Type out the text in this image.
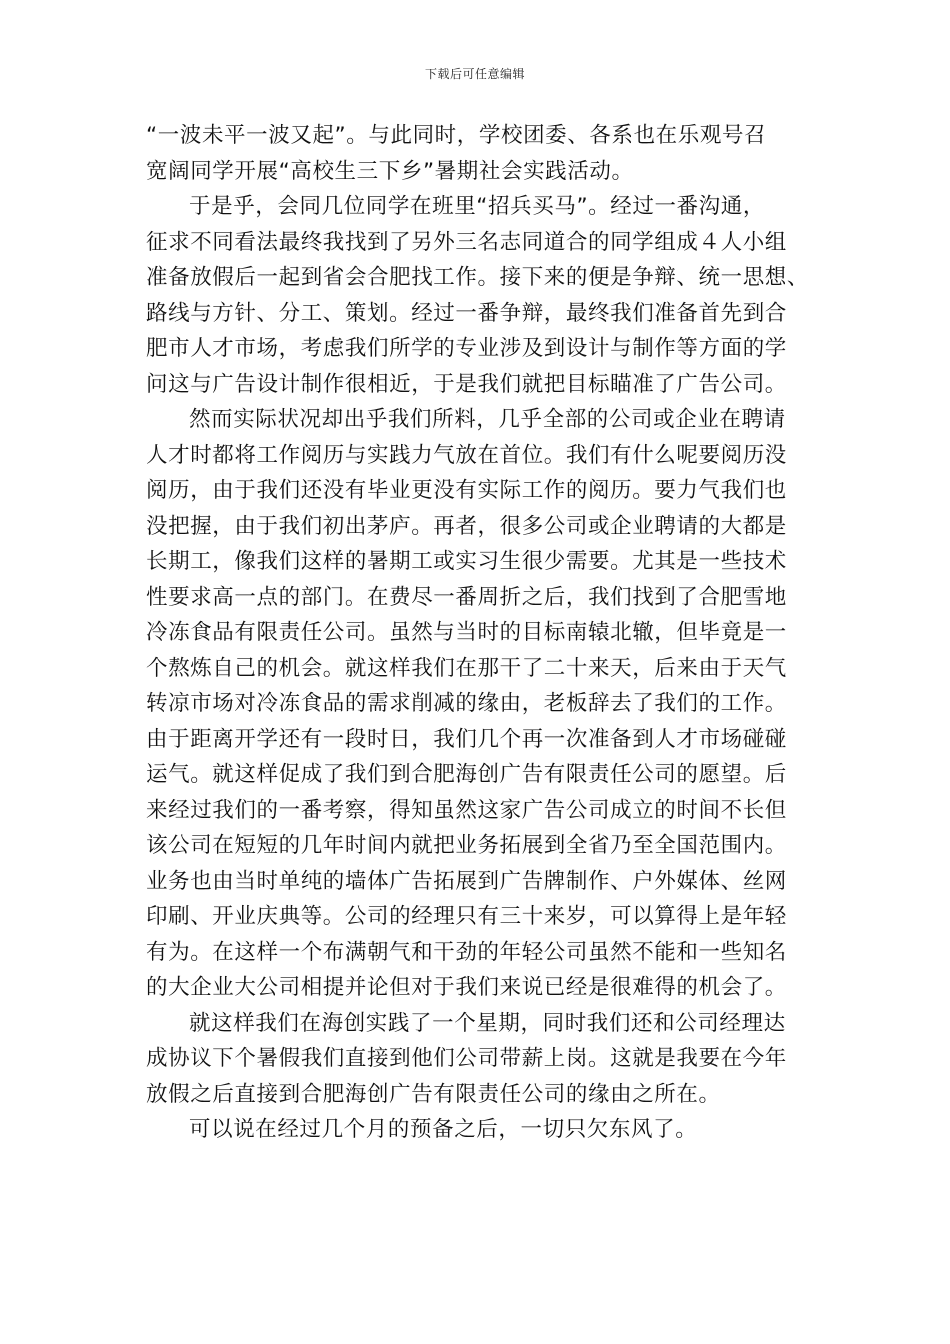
下载后可任意编辑
“一波未平一波又起”。与此同时，学校团委、各系也在乐观号召
宽阔同学开展“高校生三下乡”暑期社会实践活动。
于是乎，会同几位同学在班里“招兵买马”。经过一番沟通，
征求不同看法最终我找到了另外三名志同道合的同学组成４人小组
准备放假后一起到省会合肥找工作。接下来的便是争辩、统一思想、
路线与方针、分工、策划。经过一番争辩，最终我们准备首先到合
肥市人才市场，考虑我们所学的专业涉及到设计与制作等方面的学
问这与广告设计制作很相近，于是我们就把目标瞄准了广告公司。
然而实际状况却出乎我们所料，几乎全部的公司或企业在聘请
人才时都将工作阅历与实践力气放在首位。我们有什么呢要阅历没
阅历，由于我们还没有毕业更没有实际工作的阅历。要力气我们也
没把握，由于我们初出茅庐。再者，很多公司或企业聘请的大都是
长期工，像我们这样的暑期工或实习生很少需要。尤其是一些技术
性要求高一点的部门。在费尽一番周折之后，我们找到了合肥雪地
冷冻食品有限责任公司。虽然与当时的目标南辕北辙，但毕竟是一
个熬炼自己的机会。就这样我们在那干了二十来天，后来由于天气
转凉市场对冷冻食品的需求削减的缘由，老板辞去了我们的工作。
由于距离开学还有一段时日，我们几个再一次准备到人才市场碰碰
运气。就这样促成了我们到合肥海创广告有限责任公司的愿望。后
来经过我们的一番考察，得知虽然这家广告公司成立的时间不长但
该公司在短短的几年时间内就把业务拓展到全省乃至全国范围内。
业务也由当时单纯的墙体广告拓展到广告牌制作、户外媒体、丝网
印刷、开业庆典等。公司的经理只有三十来岁，可以算得上是年轻
有为。在这样一个布满朝气和干劲的年轻公司虽然不能和一些知名
的大企业大公司相提并论但对于我们来说已经是很难得的机会了。
就这样我们在海创实践了一个星期，同时我们还和公司经理达
成协议下个暑假我们直接到他们公司带薪上岗。这就是我要在今年
放假之后直接到合肥海创广告有限责任公司的缘由之所在。
可以说在经过几个月的预备之后，一切只欠东风了。
